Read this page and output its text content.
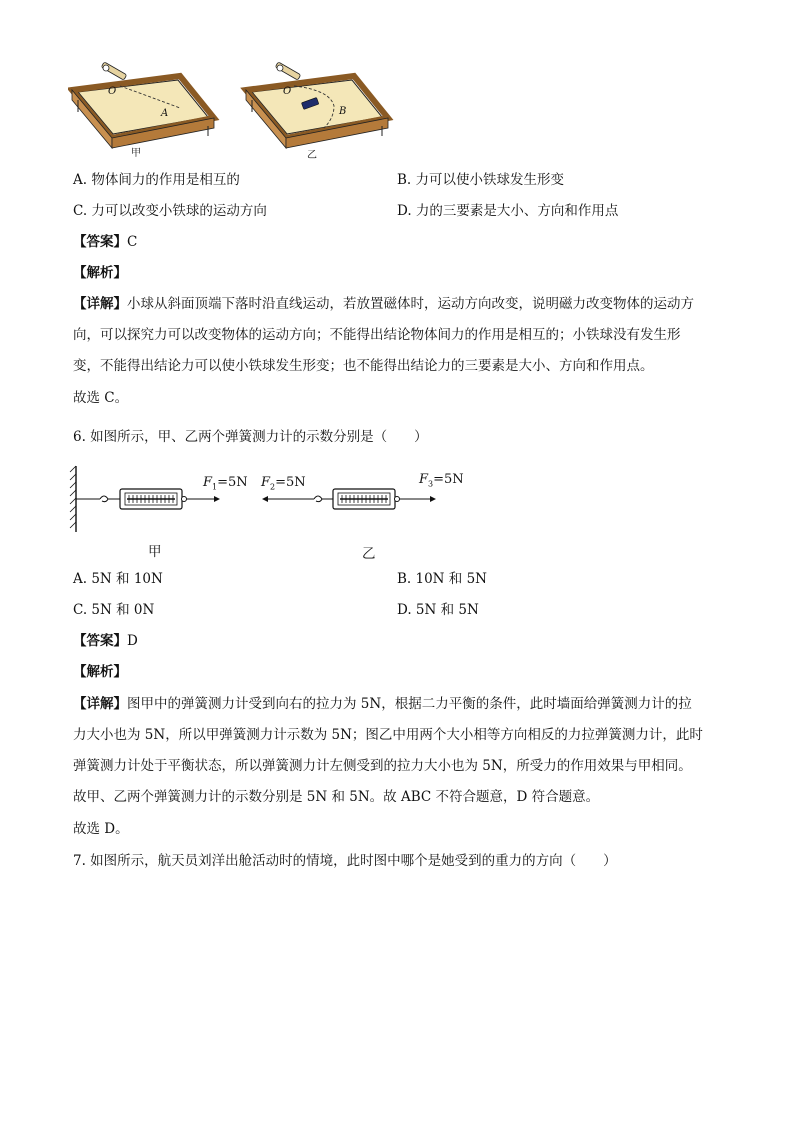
O
A
O
B
甲	乙
A. 物体间力的作用是相互的	B. 力可以使小铁球发生形变
C. 力可以改变小铁球的运动方向	D. 力的三要素是大小、方向和作用点
【答案】C
【解析】
【详解】小球从斜面顶端下落时沿直线运动，若放置磁体时，运动方向改变，说明磁力改变物体的运动方
向，可以探究力可以改变物体的运动方向；不能得出结论物体间力的作用是相互的；小铁球没有发生形
变，不能得出结论力可以使小铁球发生形变；也不能得出结论力的三要素是大小、方向和作用点。
故选 C。
6. 如图所示，甲、乙两个弹簧测力计的示数分别是（　　）
$F_1=5N$ $F_2=5N$	$F_3=5N$
甲	乙
A. 5N 和 10N	B. 10N 和 5N
C. 5N 和 0N	D. 5N 和 5N
【答案】D
【解析】
【详解】图甲中的弹簧测力计受到向右的拉力为 5N，根据二力平衡的条件，此时墙面给弹簧测力计的拉
力大小也为 5N，所以甲弹簧测力计示数为 5N；图乙中用两个大小相等方向相反的力拉弹簧测力计，此时
弹簧测力计处于平衡状态，所以弹簧测力计左侧受到的拉力大小也为 5N，所受力的作用效果与甲相同。
故甲、乙两个弹簧测力计的示数分别是 5N 和 5N。故 ABC 不符合题意，D 符合题意。
故选 D。
7. 如图所示，航天员刘洋出舱活动时的情境，此时图中哪个是她受到的重力的方向（　　）
